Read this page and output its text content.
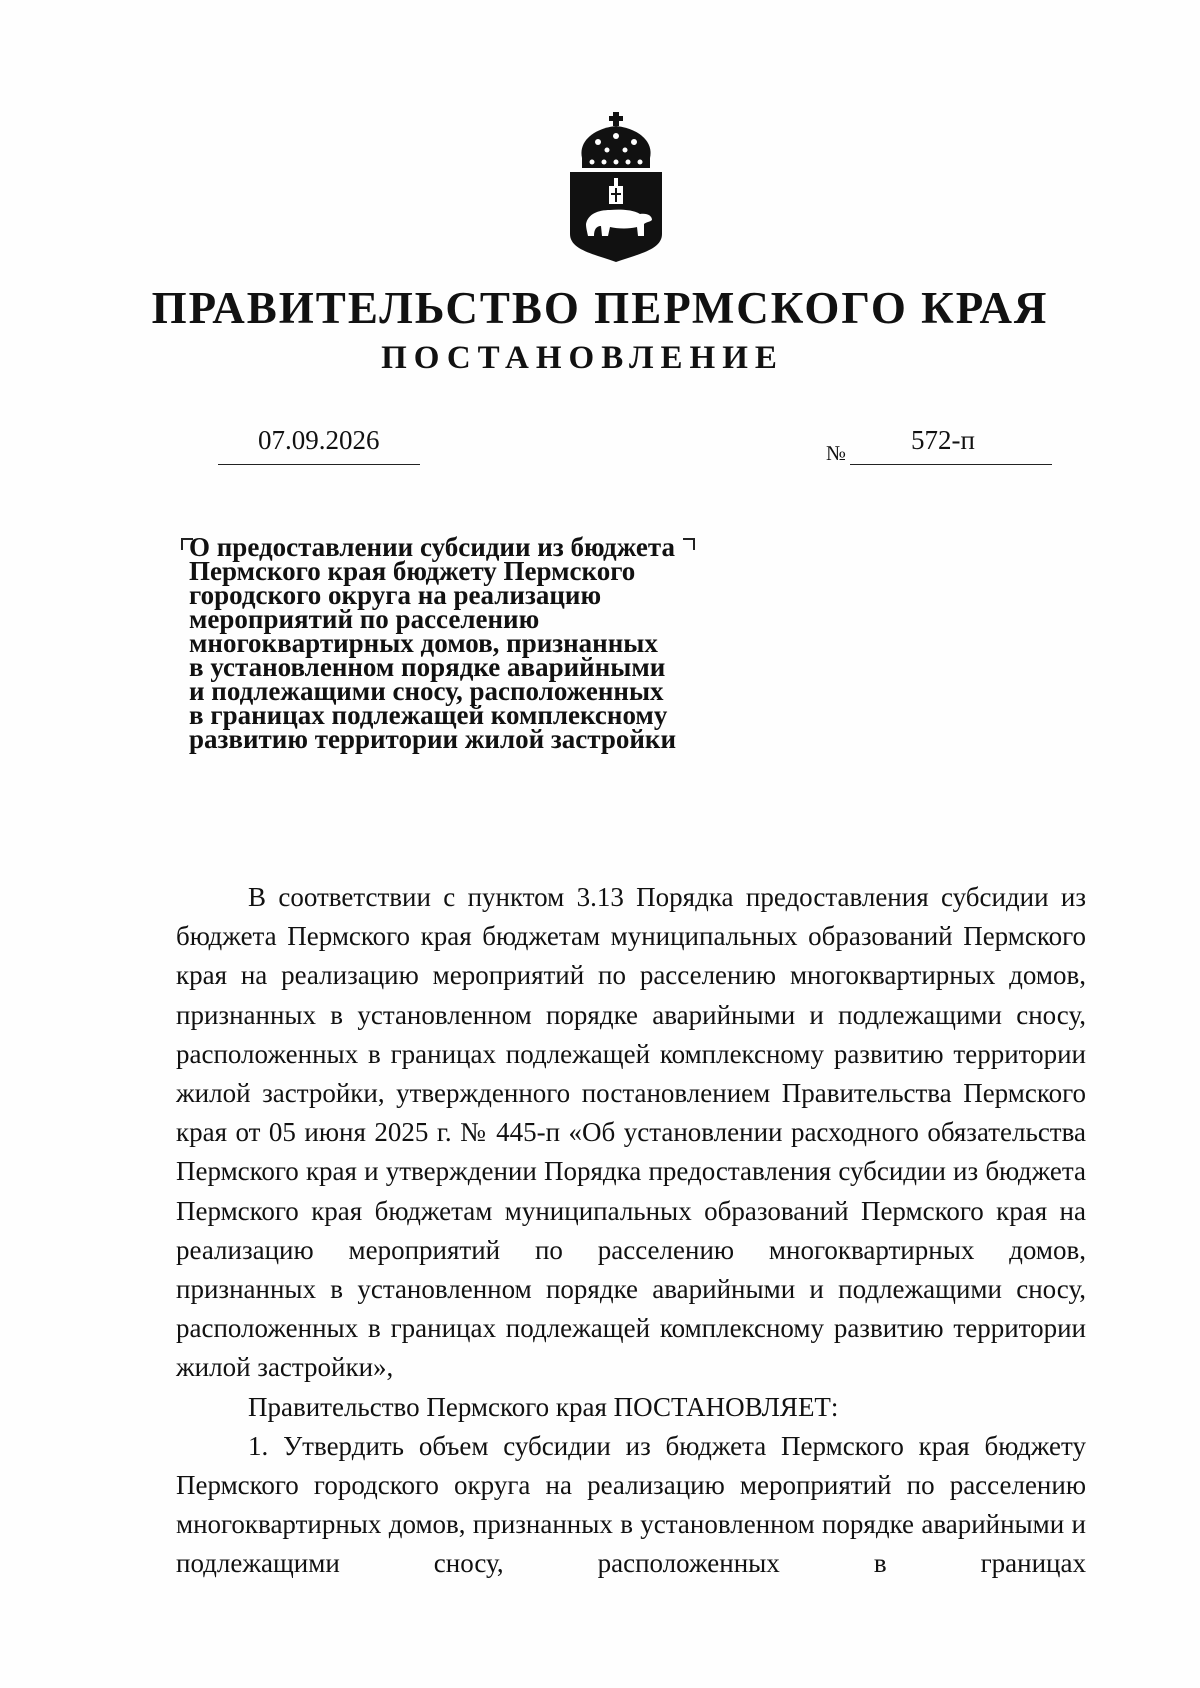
ПРАВИТЕЛЬСТВО ПЕРМСКОГО КРАЯ
ПОСТАНОВЛЕНИЕ
07.09.2026	№ 572-п
О предоставлении субсидии из бюджета
Пермского края бюджету Пермского
городского округа на реализацию
мероприятий по расселению
многоквартирных домов, признанных
в установленном порядке аварийными
и подлежащими сносу, расположенных
в границах подлежащей комплексному
развитию территории жилой застройки

В соответствии с пунктом 3.13 Порядка предоставления субсидии из бюджета Пермского края бюджетам муниципальных образований Пермского края на реализацию мероприятий по расселению многоквартирных домов, признанных в установленном порядке аварийными и подлежащими сносу, расположенных в границах подлежащей комплексному развитию территории жилой застройки, утвержденного постановлением Правительства Пермского края от 05 июня 2025 г. № 445-п «Об установлении расходного обязательства Пермского края и утверждении Порядка предоставления субсидии из бюджета Пермского края бюджетам муниципальных образований Пермского края на реализацию мероприятий по расселению многоквартирных домов, признанных в установленном порядке аварийными и подлежащими сносу, расположенных в границах подлежащей комплексному развитию территории жилой застройки»,

Правительство Пермского края ПОСТАНОВЛЯЕТ:

1. Утвердить объем субсидии из бюджета Пермского края бюджету Пермского городского округа на реализацию мероприятий по расселению многоквартирных домов, признанных в установленном порядке аварийными и подлежащими сносу, расположенных в границах
